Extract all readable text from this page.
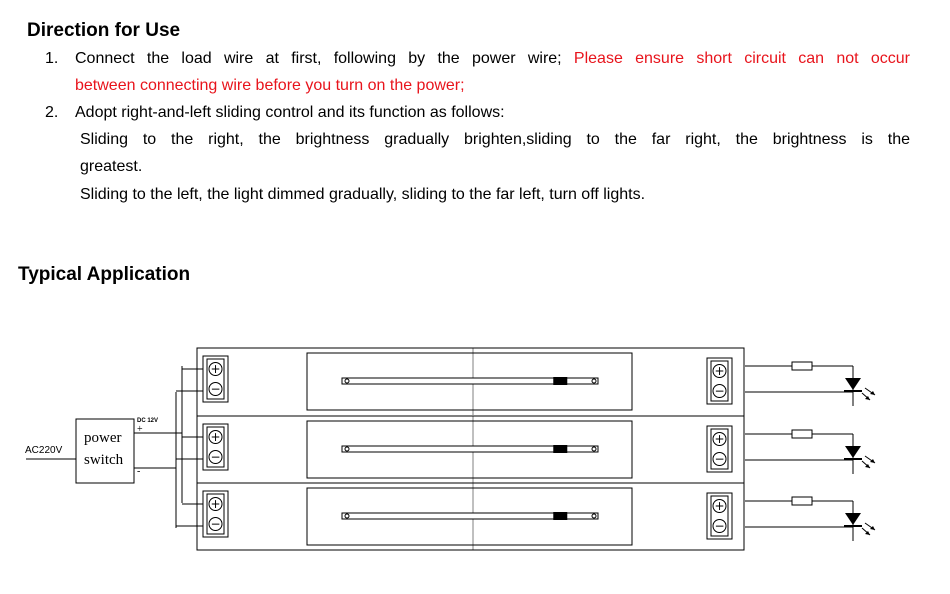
Direction for Use
1. Connect the load wire at first, following by the power wire; Please ensure short circuit can not occur
between connecting wire before you turn on the power;
2. Adopt right-and-left sliding control and its function as follows:
Sliding to the right, the brightness gradually brighten,sliding to the far right, the brightness is the
greatest.
Sliding to the left, the light dimmed gradually, sliding to the far left, turn off lights.
Typical Application
+
−
+
−
+
−
+
−
+
−
+
−
AC220V
power
switch
DC 12V
+
-
